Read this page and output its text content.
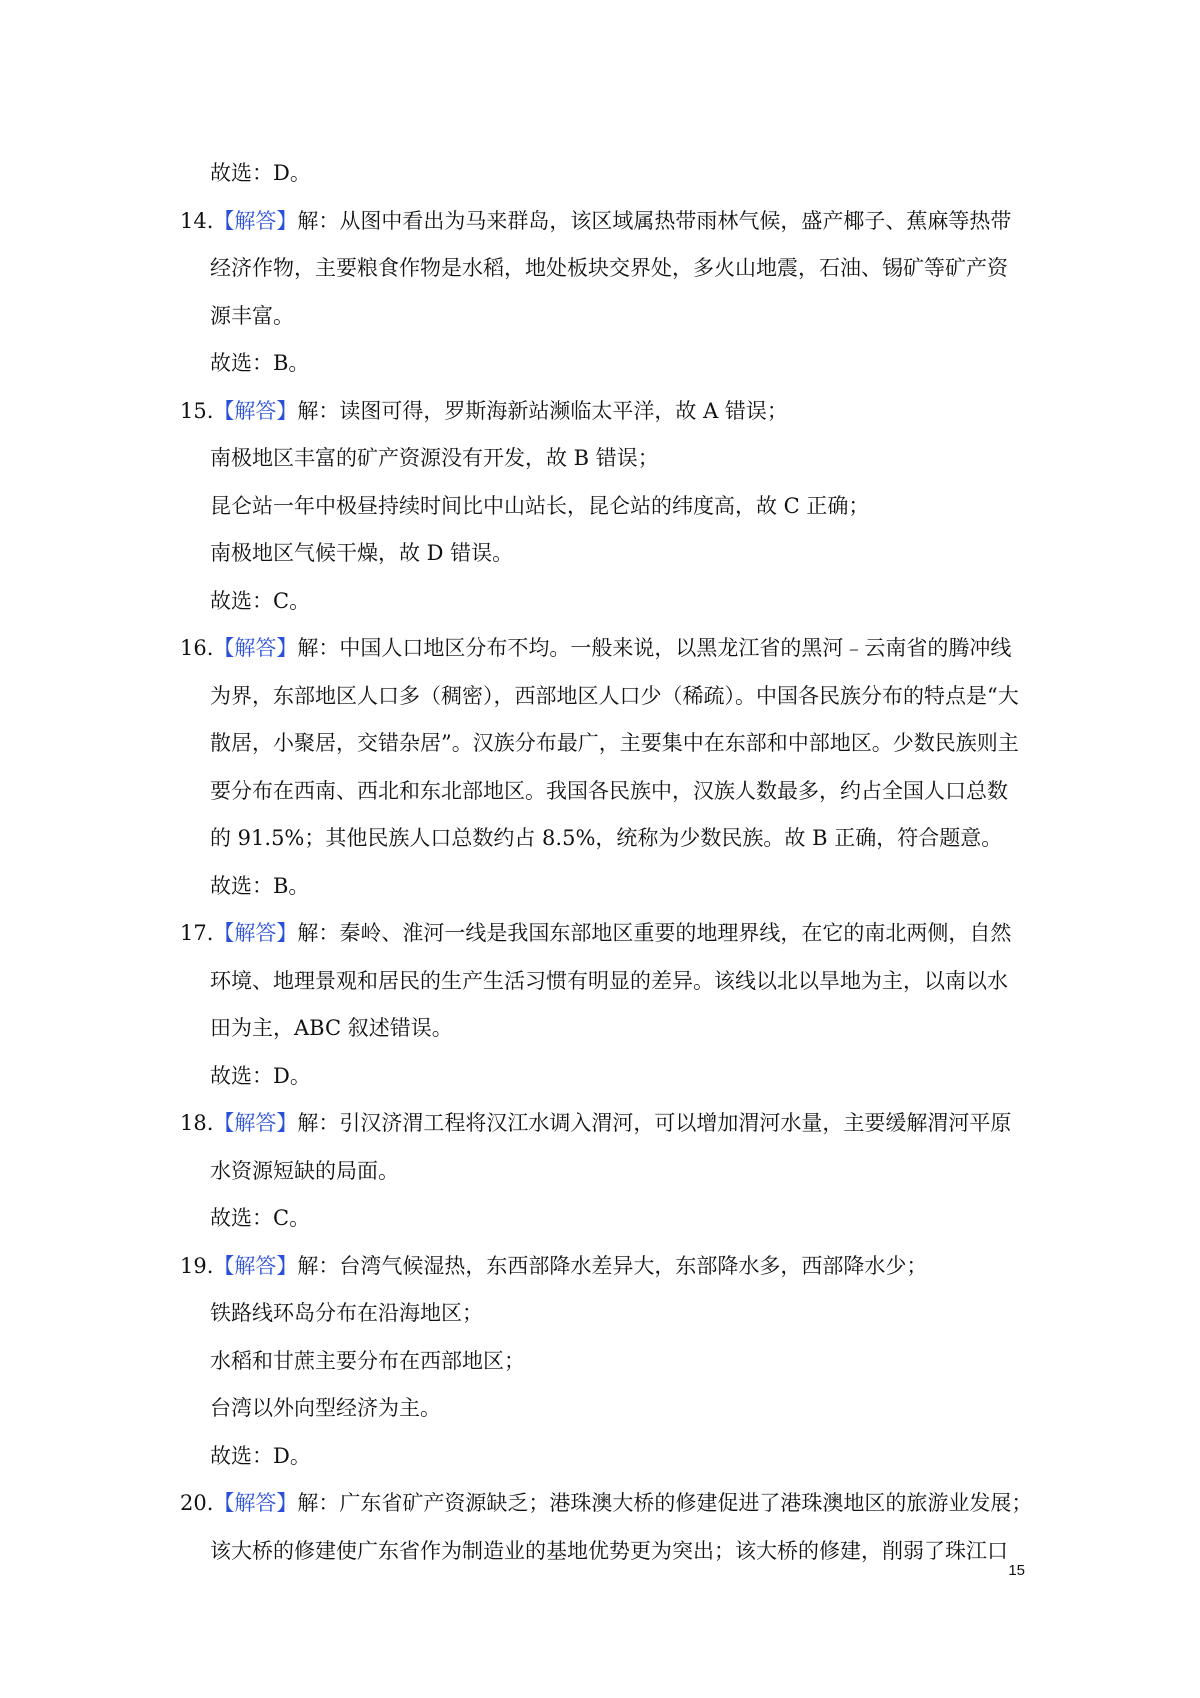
故选：D。
14.【解答】解：从图中看出为马来群岛，该区域属热带雨林气候，盛产椰子、蕉麻等热带
经济作物，主要粮食作物是水稻，地处板块交界处，多火山地震，石油、锡矿等矿产资
源丰富。
故选：B。
15.【解答】解：读图可得，罗斯海新站濒临太平洋，故 A 错误；
南极地区丰富的矿产资源没有开发，故 B 错误；
昆仑站一年中极昼持续时间比中山站长，昆仑站的纬度高，故 C 正确；
南极地区气候干燥，故 D 错误。
故选：C。
16.【解答】解：中国人口地区分布不均。一般来说，以黑龙江省的黑河﹣云南省的腾冲线
为界，东部地区人口多（稠密），西部地区人口少（稀疏）。中国各民族分布的特点是“大
散居，小聚居，交错杂居”。汉族分布最广，主要集中在东部和中部地区。少数民族则主
要分布在西南、西北和东北部地区。我国各民族中，汉族人数最多，约占全国人口总数
的 91.5%；其他民族人口总数约占 8.5%，统称为少数民族。故 B 正确，符合题意。
故选：B。
17.【解答】解：秦岭、淮河一线是我国东部地区重要的地理界线，在它的南北两侧，自然
环境、地理景观和居民的生产生活习惯有明显的差异。该线以北以旱地为主，以南以水
田为主，ABC 叙述错误。
故选：D。
18.【解答】解：引汉济渭工程将汉江水调入渭河，可以增加渭河水量，主要缓解渭河平原
水资源短缺的局面。
故选：C。
19.【解答】解：台湾气候湿热，东西部降水差异大，东部降水多，西部降水少；
铁路线环岛分布在沿海地区；
水稻和甘蔗主要分布在西部地区；
台湾以外向型经济为主。
故选：D。
20.【解答】解：广东省矿产资源缺乏；港珠澳大桥的修建促进了港珠澳地区的旅游业发展；
该大桥的修建使广东省作为制造业的基地优势更为突出；该大桥的修建，削弱了珠江口
15
